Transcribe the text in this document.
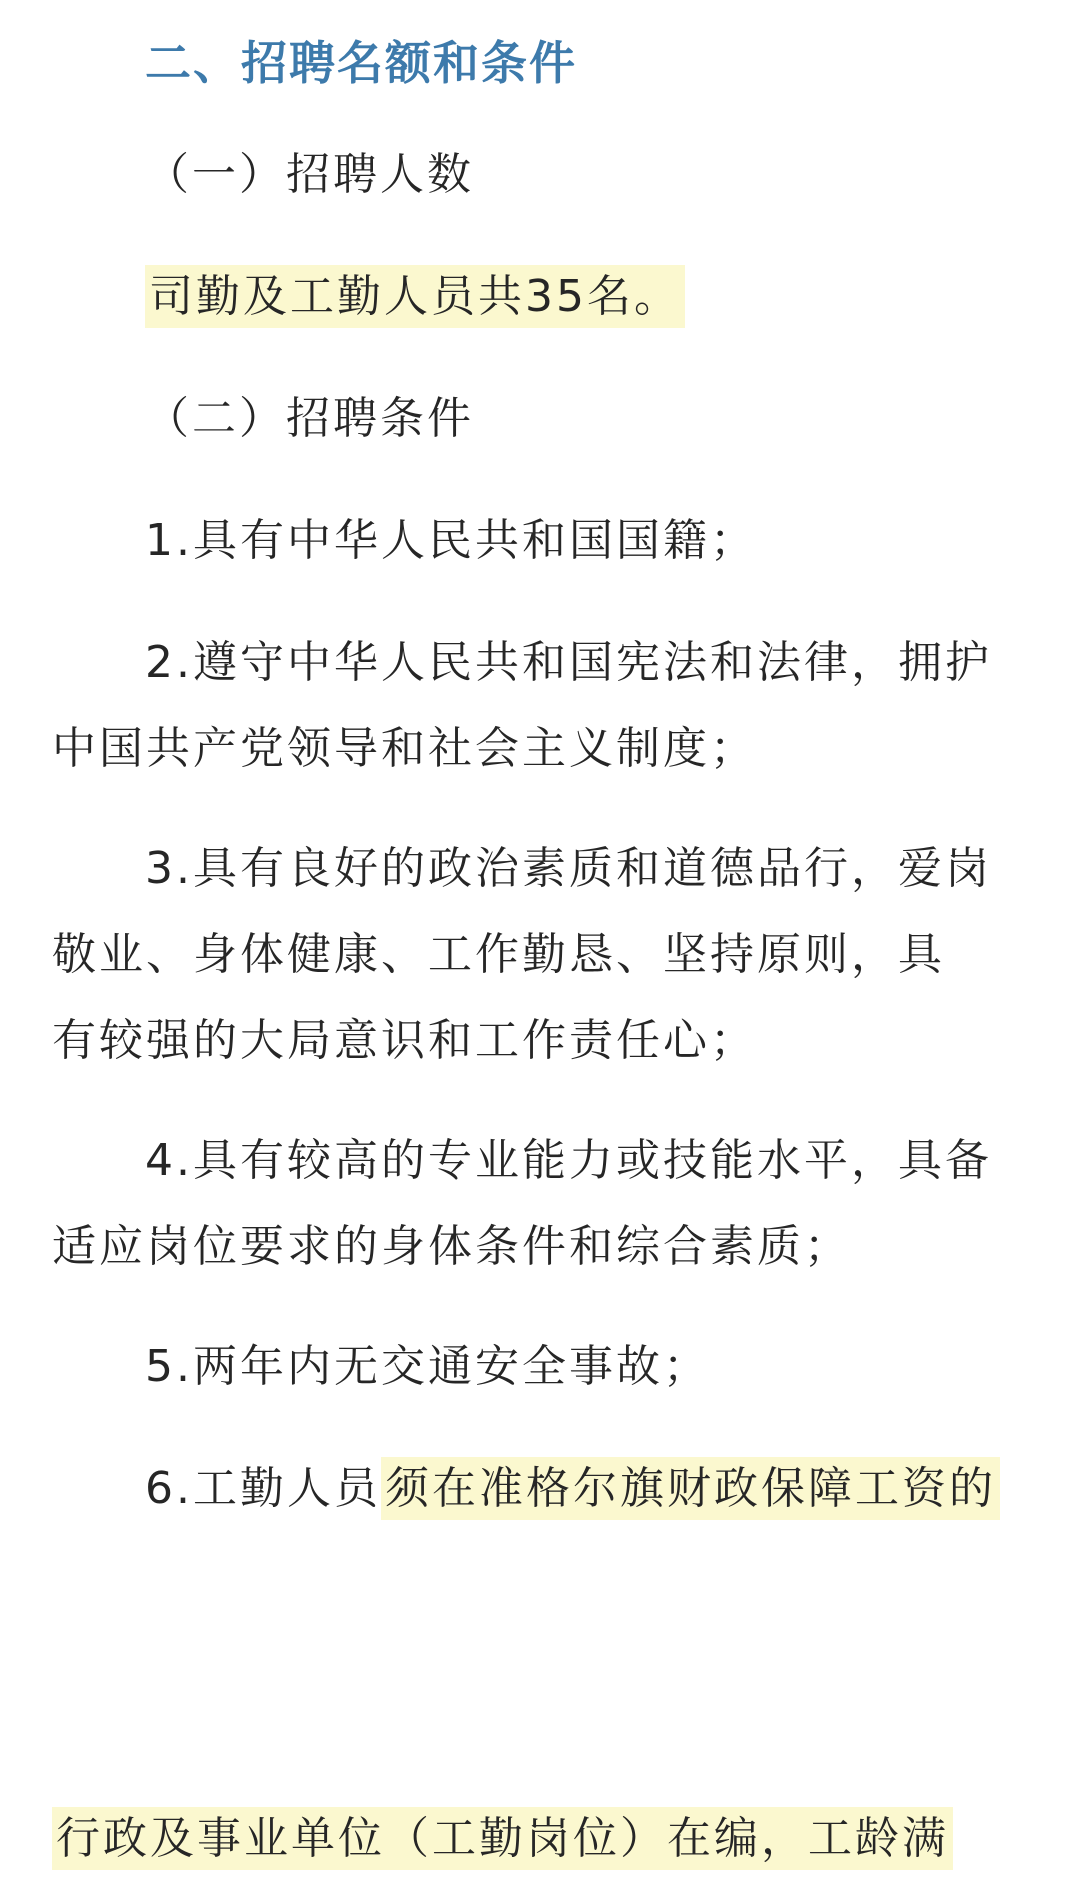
二、招聘名额和条件

（一）招聘人数

司勤及工勤人员共35名。

（二）招聘条件

1.具有中华人民共和国国籍；

2.遵守中华人民共和国宪法和法律，拥护

中国共产党领导和社会主义制度；

3.具有良好的政治素质和道德品行，爱岗

敬业、身体健康、工作勤恳、坚持原则，具

有较强的大局意识和工作责任心；

4.具有较高的专业能力或技能水平，具备

适应岗位要求的身体条件和综合素质；

5.两年内无交通安全事故；

6.工勤人员须在准格尔旗财政保障工资的

行政及事业单位（工勤岗位）在编，工龄满
